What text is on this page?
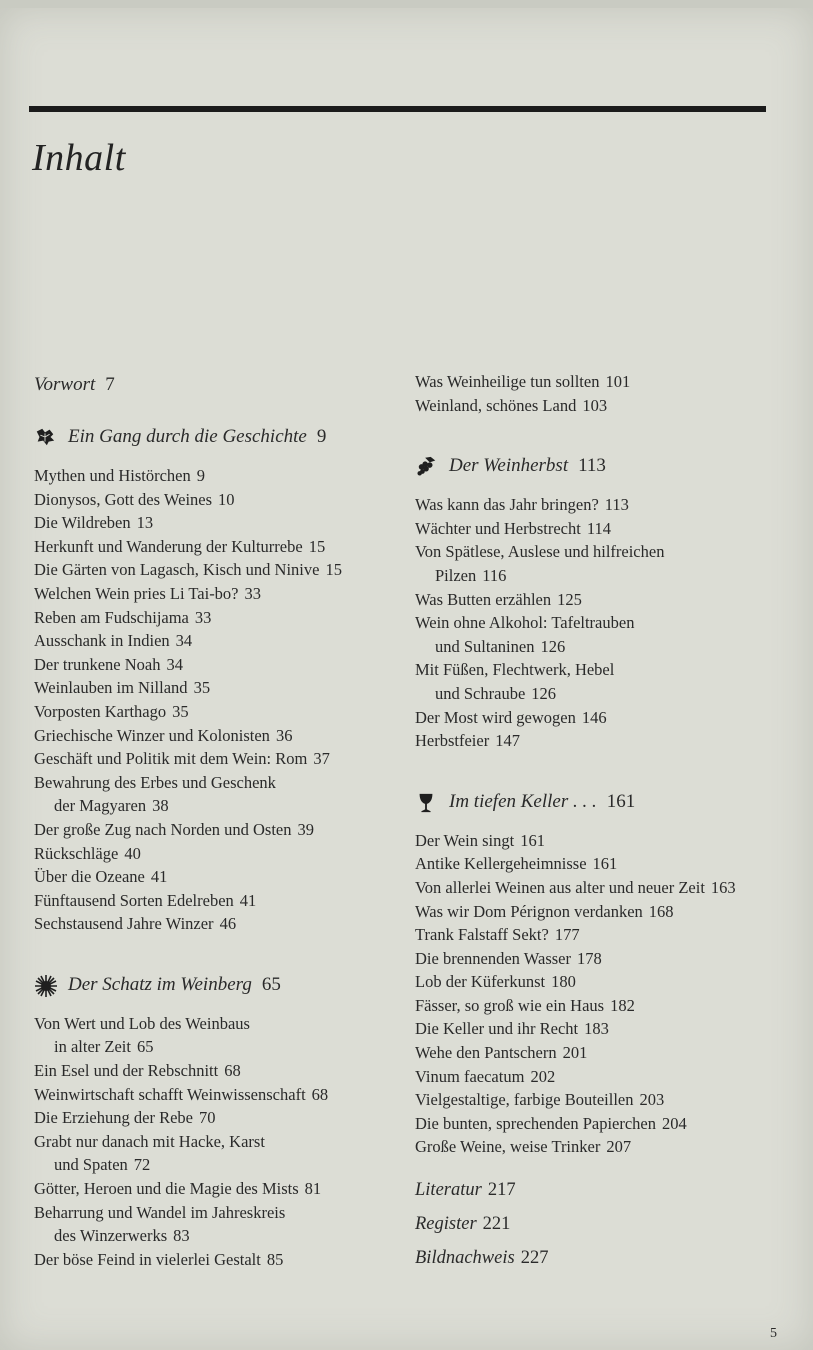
Inhalt
Vorwort 7
Ein Gang durch die Geschichte 9
Mythen und Histörchen 9
Dionysos, Gott des Weines 10
Die Wildreben 13
Herkunft und Wanderung der Kulturrebe 15
Die Gärten von Lagasch, Kisch und Ninive 15
Welchen Wein pries Li Tai-bo? 33
Reben am Fudschijama 33
Ausschank in Indien 34
Der trunkene Noah 34
Weinlauben im Nilland 35
Vorposten Karthago 35
Griechische Winzer und Kolonisten 36
Geschäft und Politik mit dem Wein: Rom 37
Bewahrung des Erbes und Geschenk
der Magyaren 38
Der große Zug nach Norden und Osten 39
Rückschläge 40
Über die Ozeane 41
Fünftausend Sorten Edelreben 41
Sechstausend Jahre Winzer 46
Der Schatz im Weinberg 65
Von Wert und Lob des Weinbaus
in alter Zeit 65
Ein Esel und der Rebschnitt 68
Weinwirtschaft schafft Weinwissenschaft 68
Die Erziehung der Rebe 70
Grabt nur danach mit Hacke, Karst
und Spaten 72
Götter, Heroen und die Magie des Mists 81
Beharrung und Wandel im Jahreskreis
des Winzerwerks 83
Der böse Feind in vielerlei Gestalt 85
Was Weinheilige tun sollten 101
Weinland, schönes Land 103
Der Weinherbst 113
Was kann das Jahr bringen? 113
Wächter und Herbstrecht 114
Von Spätlese, Auslese und hilfreichen
Pilzen 116
Was Butten erzählen 125
Wein ohne Alkohol: Tafeltrauben
und Sultaninen 126
Mit Füßen, Flechtwerk, Hebel
und Schraube 126
Der Most wird gewogen 146
Herbstfeier 147
Im tiefen Keller . . . 161
Der Wein singt 161
Antike Kellergeheimnisse 161
Von allerlei Weinen aus alter und neuer Zeit 163
Was wir Dom Pérignon verdanken 168
Trank Falstaff Sekt? 177
Die brennenden Wasser 178
Lob der Küferkunst 180
Fässer, so groß wie ein Haus 182
Die Keller und ihr Recht 183
Wehe den Pantschern 201
Vinum faecatum 202
Vielgestaltige, farbige Bouteillen 203
Die bunten, sprechenden Papierchen 204
Große Weine, weise Trinker 207
Literatur 217
Register 221
Bildnachweis 227
5
